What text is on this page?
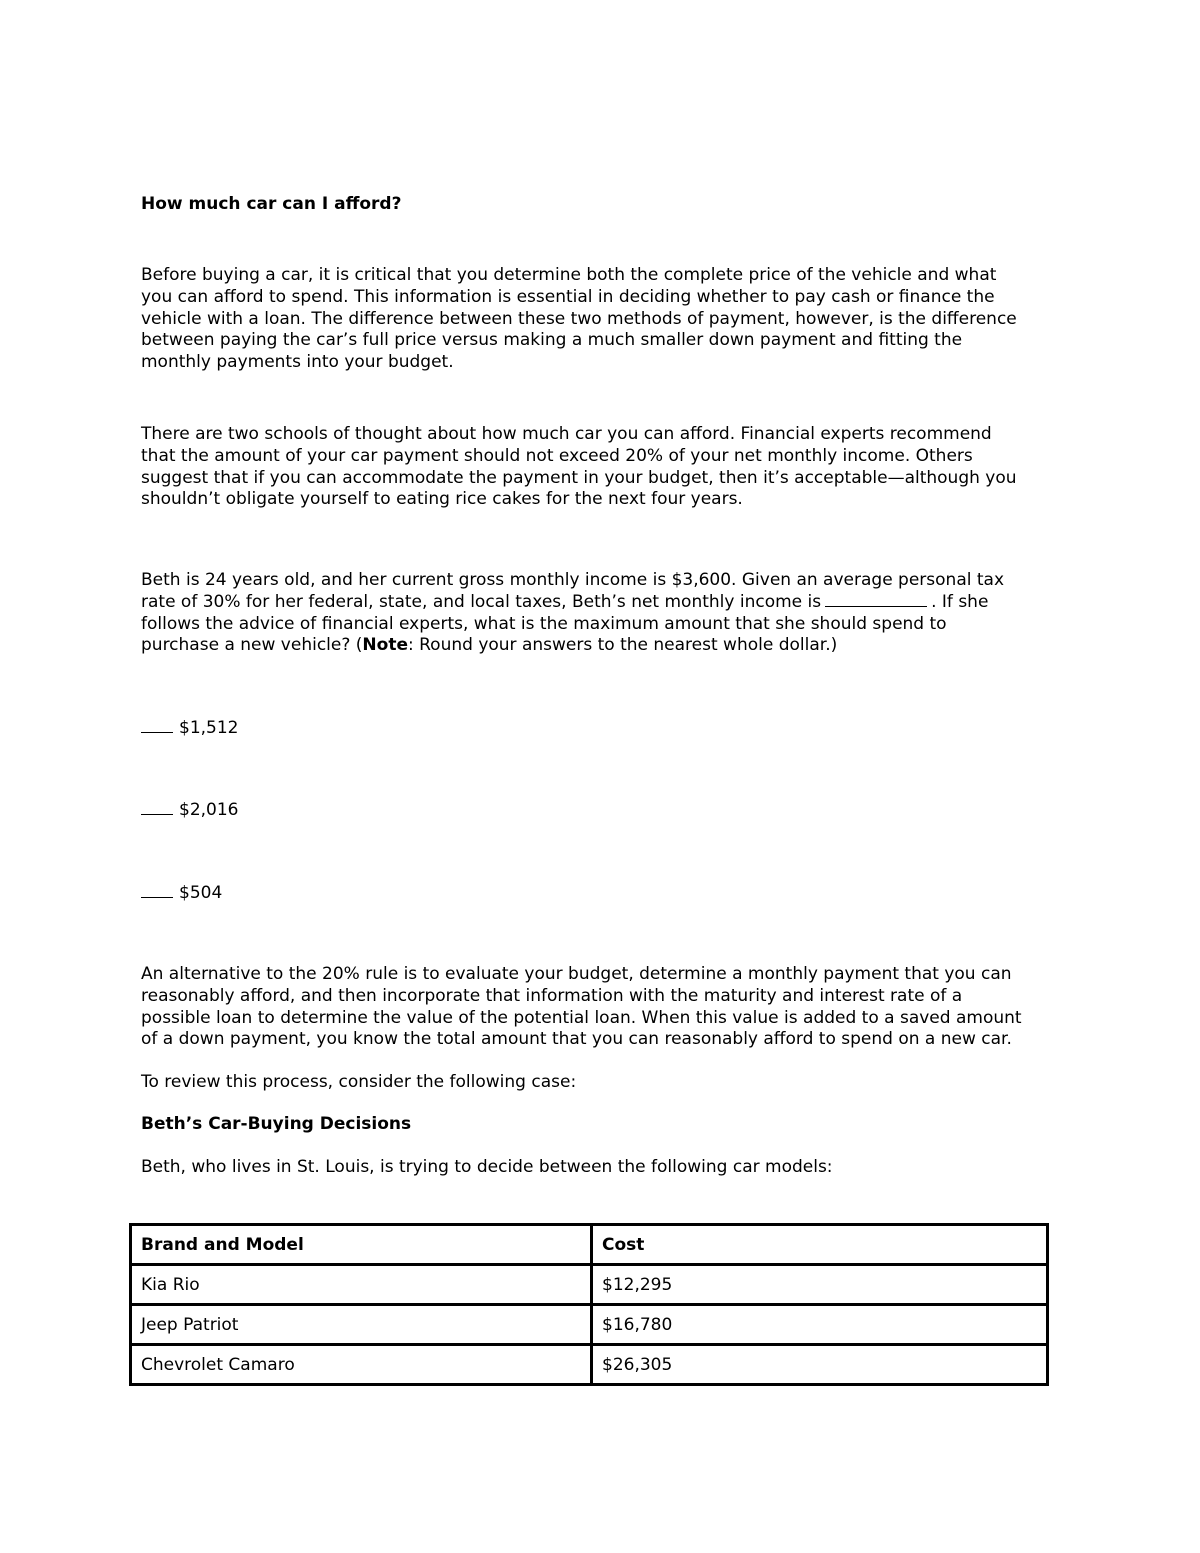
How much car can I afford?
Before buying a car, it is critical that you determine both the complete price of the vehicle and what
you can afford to spend. This information is essential in deciding whether to pay cash or finance the
vehicle with a loan. The difference between these two methods of payment, however, is the difference
between paying the car’s full price versus making a much smaller down payment and fitting the
monthly payments into your budget.
There are two schools of thought about how much car you can afford. Financial experts recommend
that the amount of your car payment should not exceed 20% of your net monthly income. Others
suggest that if you can accommodate the payment in your budget, then it’s acceptable—although you
shouldn’t obligate yourself to eating rice cakes for the next four years.
Beth is 24 years old, and her current gross monthly income is $3,600. Given an average personal tax
rate of 30% for her federal, state, and local taxes, Beth’s net monthly income is	. If she
follows the advice of financial experts, what is the maximum amount that she should spend to
purchase a new vehicle? (Note: Round your answers to the nearest whole dollar.)
$1,512
$2,016
$504
An alternative to the 20% rule is to evaluate your budget, determine a monthly payment that you can
reasonably afford, and then incorporate that information with the maturity and interest rate of a
possible loan to determine the value of the potential loan. When this value is added to a saved amount
of a down payment, you know the total amount that you can reasonably afford to spend on a new car.
To review this process, consider the following case:
Beth’s Car-Buying Decisions
Beth, who lives in St. Louis, is trying to decide between the following car models:
Brand and Model	Cost
Kia Rio	$12,295
Jeep Patriot	$16,780
Chevrolet Camaro	$26,305
